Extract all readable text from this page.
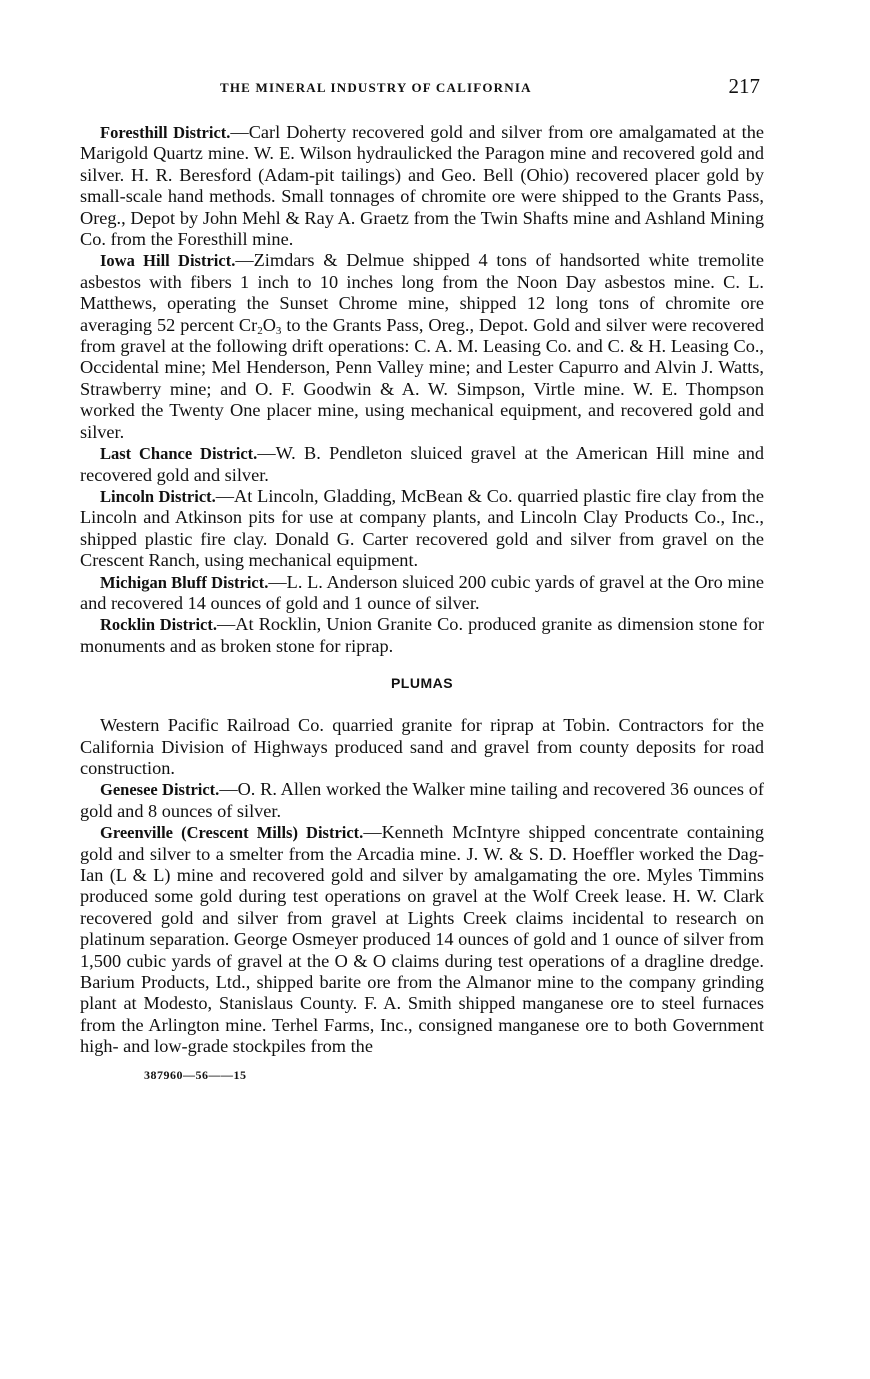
THE MINERAL INDUSTRY OF CALIFORNIA	217

Foresthill District.—Carl Doherty recovered gold and silver from ore amalgamated at the Marigold Quartz mine. W. E. Wilson hydraulicked the Paragon mine and recovered gold and silver. H. R. Beresford (Adam-pit tailings) and Geo. Bell (Ohio) recovered placer gold by small-scale hand methods. Small tonnages of chromite ore were shipped to the Grants Pass, Oreg., Depot by John Mehl & Ray A. Graetz from the Twin Shafts mine and Ashland Mining Co. from the Foresthill mine.

Iowa Hill District.—Zimdars & Delmue shipped 4 tons of handsorted white tremolite asbestos with fibers 1 inch to 10 inches long from the Noon Day asbestos mine. C. L. Matthews, operating the Sunset Chrome mine, shipped 12 long tons of chromite ore averaging 52 percent $Cr_2O_3$ to the Grants Pass, Oreg., Depot. Gold and silver were recovered from gravel at the following drift operations: C. A. M. Leasing Co. and C. & H. Leasing Co., Occidental mine; Mel Henderson, Penn Valley mine; and Lester Capurro and Alvin J. Watts, Strawberry mine; and O. F. Goodwin & A. W. Simpson, Virtle mine. W. E. Thompson worked the Twenty One placer mine, using mechanical equipment, and recovered gold and silver.

Last Chance District.—W. B. Pendleton sluiced gravel at the American Hill mine and recovered gold and silver.

Lincoln District.—At Lincoln, Gladding, McBean & Co. quarried plastic fire clay from the Lincoln and Atkinson pits for use at company plants, and Lincoln Clay Products Co., Inc., shipped plastic fire clay. Donald G. Carter recovered gold and silver from gravel on the Crescent Ranch, using mechanical equipment.

Michigan Bluff District.—L. L. Anderson sluiced 200 cubic yards of gravel at the Oro mine and recovered 14 ounces of gold and 1 ounce of silver.

Rocklin District.—At Rocklin, Union Granite Co. produced granite as dimension stone for monuments and as broken stone for riprap.

PLUMAS

Western Pacific Railroad Co. quarried granite for riprap at Tobin. Contractors for the California Division of Highways produced sand and gravel from county deposits for road construction.

Genesee District.—O. R. Allen worked the Walker mine tailing and recovered 36 ounces of gold and 8 ounces of silver.

Greenville (Crescent Mills) District.—Kenneth McIntyre shipped concentrate containing gold and silver to a smelter from the Arcadia mine. J. W. & S. D. Hoeffler worked the Dag-Ian (L & L) mine and recovered gold and silver by amalgamating the ore. Myles Timmins produced some gold during test operations on gravel at the Wolf Creek lease. H. W. Clark recovered gold and silver from gravel at Lights Creek claims incidental to research on platinum separation. George Osmeyer produced 14 ounces of gold and 1 ounce of silver from 1,500 cubic yards of gravel at the O & O claims during test operations of a dragline dredge. Barium Products, Ltd., shipped barite ore from the Almanor mine to the company grinding plant at Modesto, Stanislaus County. F. A. Smith shipped manganese ore to steel furnaces from the Arlington mine. Terhel Farms, Inc., consigned manganese ore to both Government high- and low-grade stockpiles from the

387960—56——15
